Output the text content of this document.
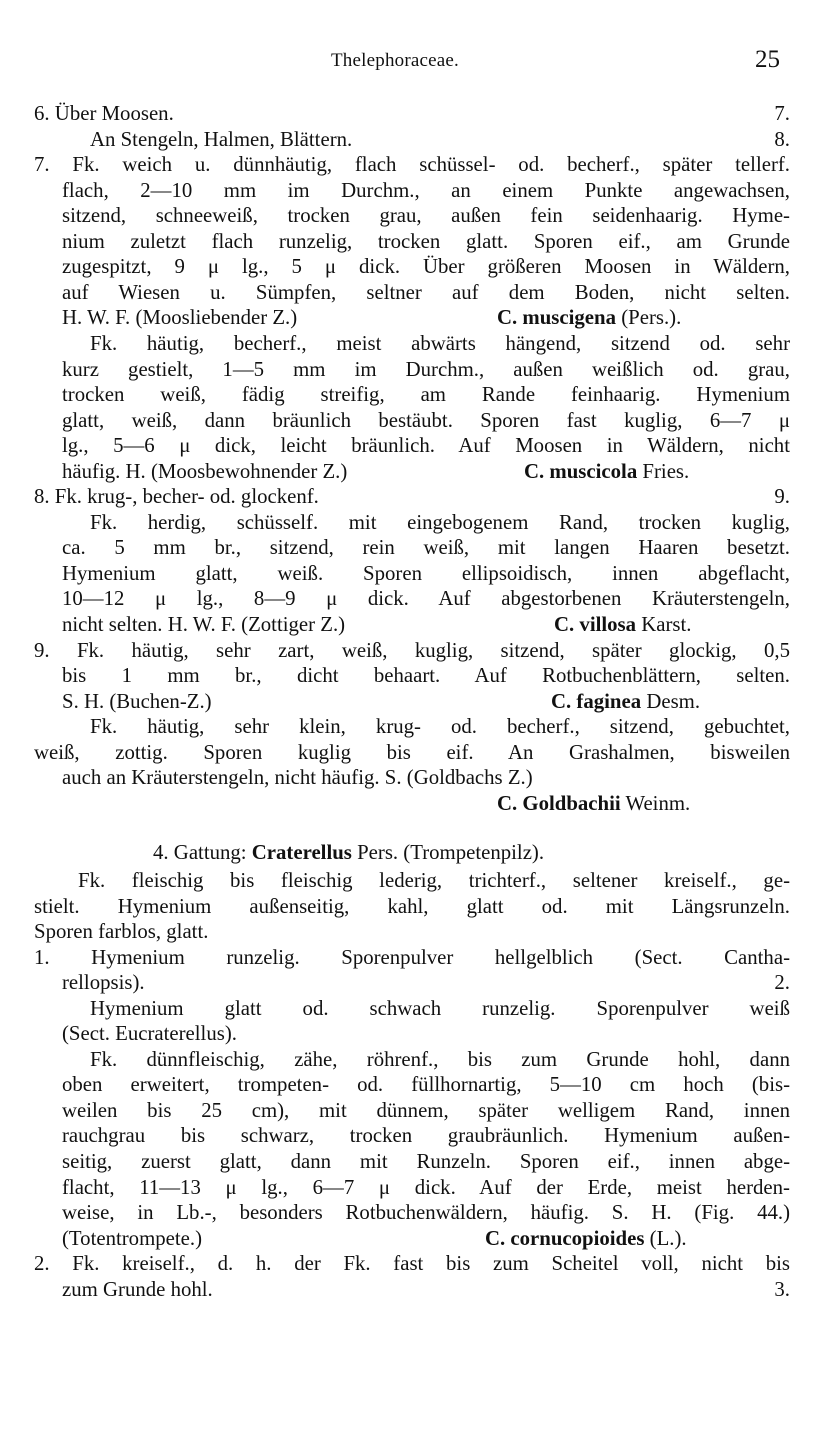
Thelephoraceae.	25
6. Über Moosen.	7.
An Stengeln, Halmen, Blättern.	8.
7. Fk. weich u. dünnhäutig, flach schüssel- od. becherf., später tellerf.
flach, 2—10 mm im Durchm., an einem Punkte angewachsen,
sitzend, schneeweiß, trocken grau, außen fein seidenhaarig. Hyme-
nium zuletzt flach runzelig, trocken glatt. Sporen eif., am Grunde
zugespitzt, 9 μ lg., 5 μ dick. Über größeren Moosen in Wäldern,
auf Wiesen u. Sümpfen, seltner auf dem Boden, nicht selten.
H. W. F. (Moosliebender Z.)	C. muscigena (Pers.).
Fk. häutig, becherf., meist abwärts hängend, sitzend od. sehr
kurz gestielt, 1—5 mm im Durchm., außen weißlich od. grau,
trocken weiß, fädig streifig, am Rande feinhaarig. Hymenium
glatt, weiß, dann bräunlich bestäubt. Sporen fast kuglig, 6—7 μ
lg., 5—6 μ dick, leicht bräunlich. Auf Moosen in Wäldern, nicht
häufig. H. (Moosbewohnender Z.)	C. muscicola Fries.
8. Fk. krug-, becher- od. glockenf.	9.
Fk. herdig, schüsself. mit eingebogenem Rand, trocken kuglig,
ca. 5 mm br., sitzend, rein weiß, mit langen Haaren besetzt.
Hymenium glatt, weiß. Sporen ellipsoidisch, innen abgeflacht,
10—12 μ lg., 8—9 μ dick. Auf abgestorbenen Kräuterstengeln,
nicht selten. H. W. F. (Zottiger Z.)	C. villosa Karst.
9. Fk. häutig, sehr zart, weiß, kuglig, sitzend, später glockig, 0,5
bis 1 mm br., dicht behaart. Auf Rotbuchenblättern, selten.
S. H. (Buchen-Z.)	C. faginea Desm.
Fk. häutig, sehr klein, krug- od. becherf., sitzend, gebuchtet,
weiß, zottig. Sporen kuglig bis eif. An Grashalmen, bisweilen
auch an Kräuterstengeln, nicht häufig. S. (Goldbachs Z.)
C. Goldbachii Weinm.
4. Gattung: Craterellus Pers. (Trompetenpilz).
Fk. fleischig bis fleischig lederig, trichterf., seltener kreiself., ge-
stielt. Hymenium außenseitig, kahl, glatt od. mit Längsrunzeln.
Sporen farblos, glatt.
1. Hymenium runzelig. Sporenpulver hellgelblich (Sect. Cantha-
rellopsis).	2.
Hymenium glatt od. schwach runzelig. Sporenpulver weiß
(Sect. Eucraterellus).
Fk. dünnfleischig, zähe, röhrenf., bis zum Grunde hohl, dann
oben erweitert, trompeten- od. füllhornartig, 5—10 cm hoch (bis-
weilen bis 25 cm), mit dünnem, später welligem Rand, innen
rauchgrau bis schwarz, trocken graubräunlich. Hymenium außen-
seitig, zuerst glatt, dann mit Runzeln. Sporen eif., innen abge-
flacht, 11—13 μ lg., 6—7 μ dick. Auf der Erde, meist herden-
weise, in Lb.-, besonders Rotbuchenwäldern, häufig. S. H. (Fig. 44.)
(Totentrompete.)	C. cornucopioides (L.).
2. Fk. kreiself., d. h. der Fk. fast bis zum Scheitel voll, nicht bis
zum Grunde hohl.	3.
